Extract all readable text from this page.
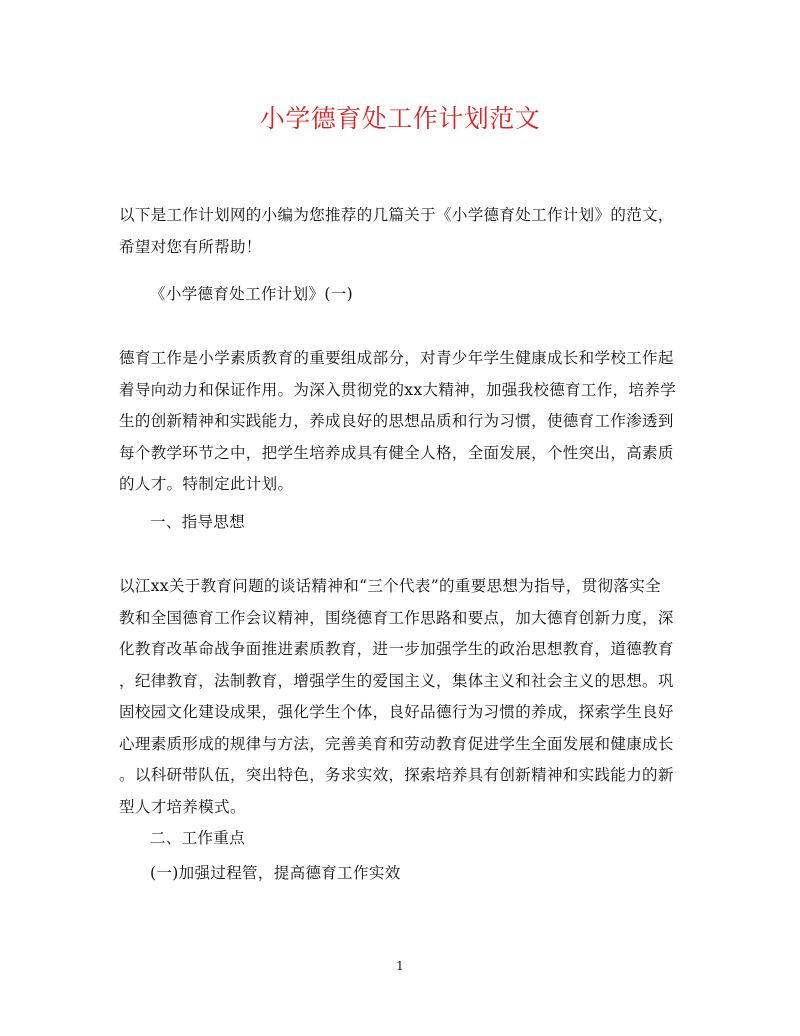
小学德育处工作计划范文
以下是工作计划网的小编为您推荐的几篇关于《小学德育处工作计划》的范文，
希望对您有所帮助！
《小学德育处工作计划》(一)
德育工作是小学素质教育的重要组成部分，对青少年学生健康成长和学校工作起
着导向动力和保证作用。为深入贯彻党的xx大精神，加强我校德育工作，培养学
生的创新精神和实践能力，养成良好的思想品质和行为习惯，使德育工作渗透到
每个教学环节之中，把学生培养成具有健全人格，全面发展，个性突出，高素质
的人才。特制定此计划。
一、指导思想
以江xx关于教育问题的谈话精神和“三个代表”的重要思想为指导，贯彻落实全
教和全国德育工作会议精神，围绕德育工作思路和要点，加大德育创新力度，深
化教育改革命战争面推进素质教育，进一步加强学生的政治思想教育，道德教育
，纪律教育，法制教育，增强学生的爱国主义，集体主义和社会主义的思想。巩
固校园文化建设成果，强化学生个体，良好品德行为习惯的养成，探索学生良好
心理素质形成的规律与方法，完善美育和劳动教育促进学生全面发展和健康成长
。以科研带队伍，突出特色，务求实效，探索培养具有创新精神和实践能力的新
型人才培养模式。
二、工作重点
(一)加强过程管，提高德育工作实效
1
